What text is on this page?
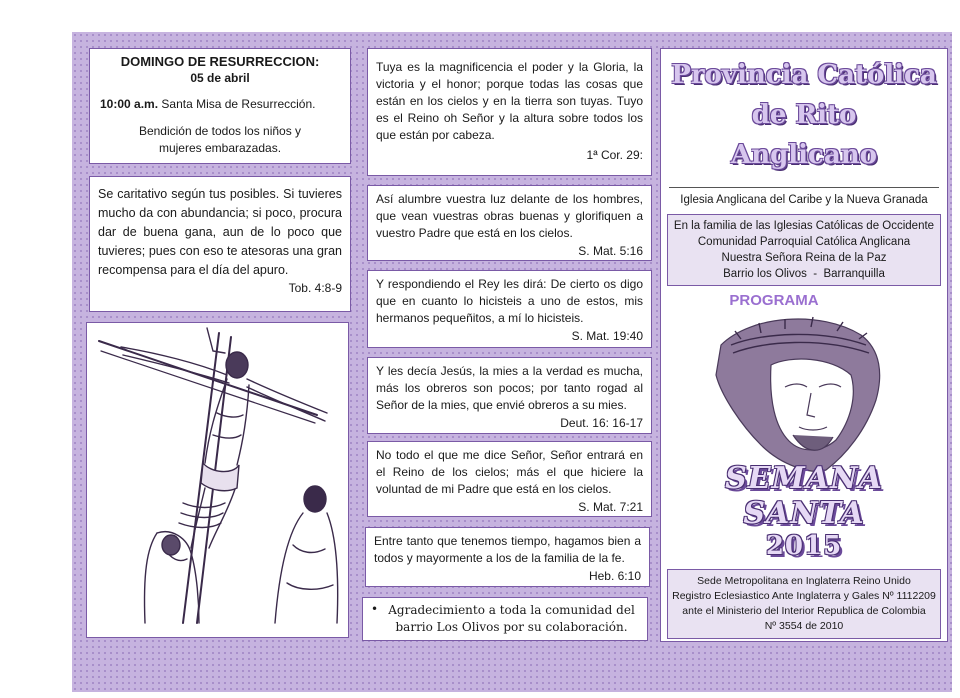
DOMINGO DE RESURRECCION:
05 de abril
10:00 a.m. Santa Misa de Resurrección.
Bendición de todos los niños y mujeres embarazadas.
Se caritativo según tus posibles. Si tuvieres mucho da con abundancia; si poco, procura dar de buena gana, aun de lo poco que tuvieres; pues con eso te atesoras una gran recompensa para el día del apuro.
Tob. 4:8-9
Tuya es la magnificencia el poder y la Gloria, la victoria y el honor; porque todas las cosas que están en los cielos y en la tierra son tuyas. Tuyo es el Reino oh Señor y la altura sobre todos los que están por cabeza.
1ª Cor. 29:
Así alumbre vuestra luz delante de los hombres, que vean vuestras obras buenas y glorifiquen a vuestro Padre que está en los cielos.
S. Mat. 5:16
Y respondiendo el Rey les dirá: De cierto os digo que en cuanto lo hicisteis a uno de estos, mis hermanos pequeñitos, a mí lo hicisteis.
S. Mat. 19:40
Y les decía Jesús, la mies a la verdad es mucha, más los obreros son pocos; por tanto rogad al Señor de la mies, que envié obreros a su mies.
Deut. 16: 16-17
No todo el que me dice Señor, Señor entrará en el Reino de los cielos; más el que hiciere la voluntad de mi Padre que está en los cielos.
S. Mat. 7:21
Entre tanto que tenemos tiempo, hagamos bien a todos y mayormente a los de la familia de la fe.
Heb. 6:10
• Agradecimiento a toda la comunidad del barrio Los Olivos por su colaboración.
Provincia Católica
de Rito
Anglicano
Iglesia Anglicana del Caribe y la Nueva Granada
En la familia de las Iglesias Católicas de Occidente
Comunidad Parroquial Católica Anglicana
Nuestra Señora Reina de la Paz
Barrio los Olivos  -  Barranquilla
PROGRAMA
SEMANA SANTA
2015
Sede Metropolitana en Inglaterra Reino Unido
Registro Eclesiastico Ante Inglaterra y Gales Nº 1112209
ante el Ministerio del Interior Republica de Colombia
Nº 3554 de 2010
